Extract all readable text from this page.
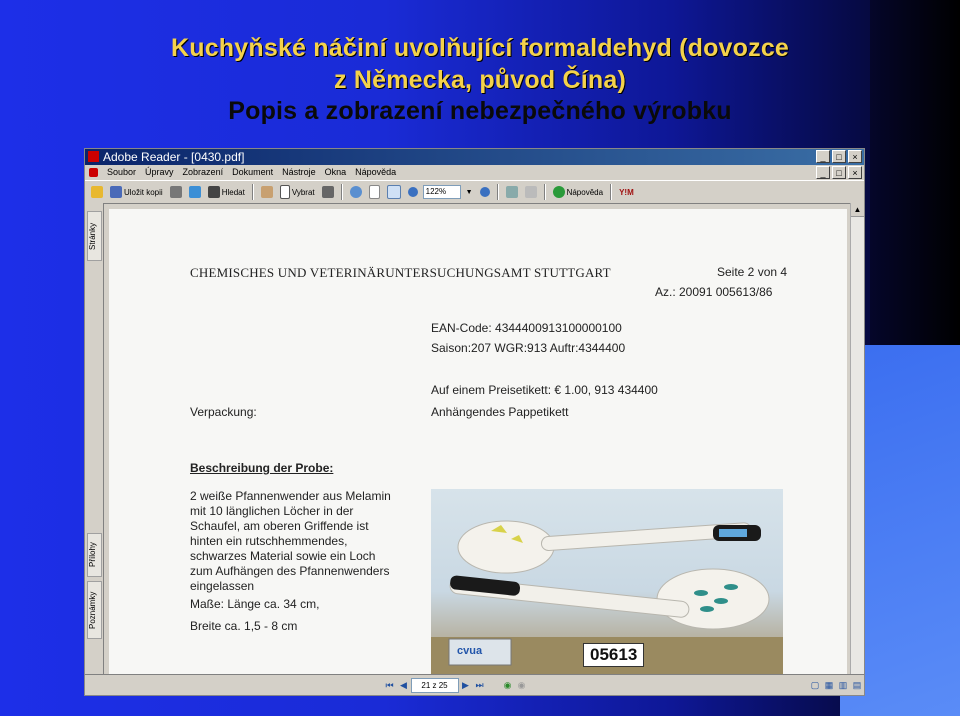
Kuchyňské náčiní uvolňující formaldehyd (dovozce
z Německa, původ Čína)
Popis a zobrazení nebezpečného výrobku
Adobe Reader - [0430.pdf]	_	□	×
Soubor Úpravy Zobrazení Dokument Nástroje Okna Nápověda	_	□	×
Uložit kopii	Hledat	Vybrat	122%	▼	Nápověda Y!M
Stránky
Přílohy
Poznámky
CHEMISCHES UND VETERINÄRUNTERSUCHUNGSAMT STUTTGART	Seite 2 von 4
Az.: 20091 005613/86
EAN-Code: 4344400913100000100
Saison:207 WGR:913 Auftr:4344400
Auf einem Preisetikett: € 1.00, 913 434400
Verpackung:	Anhängendes Pappetikett
Beschreibung der Probe:
2 weiße Pfannenwender aus Melamin
mit 10 länglichen Löcher in der
Schaufel, am oberen Griffende ist
hinten ein rutschhemmendes,
schwarzes Material sowie ein Loch
zum Aufhängen des Pfannenwenders
eingelassen
Maße: Länge ca. 34 cm,
Breite ca. 1,5 - 8 cm
cvua	05613
▲
⏮ ◀	21 z 25	▶ ⏭	◉ ◉	▢ ▦ ▥ ▤
